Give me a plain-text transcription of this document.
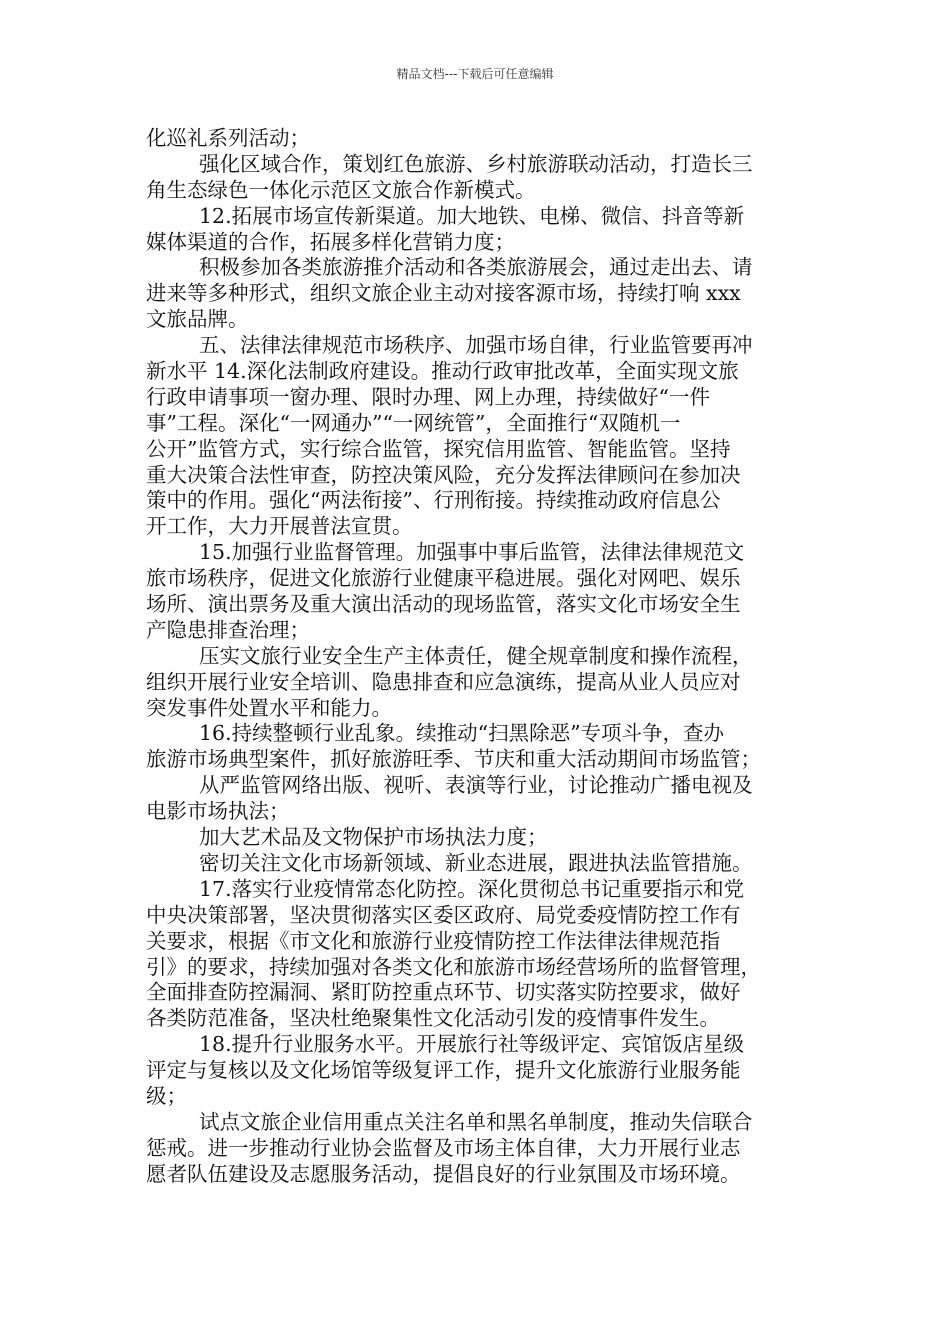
精品文档---下载后可任意编辑
化巡礼系列活动；
强化区域合作，策划红色旅游、乡村旅游联动活动，打造长三
角生态绿色一体化示范区文旅合作新模式。
12.拓展市场宣传新渠道。加大地铁、电梯、微信、抖音等新
媒体渠道的合作，拓展多样化营销力度；
积极参加各类旅游推介活动和各类旅游展会，通过走出去、请
进来等多种形式，组织文旅企业主动对接客源市场，持续打响 xxx
文旅品牌。
五、法律法律规范市场秩序、加强市场自律，行业监管要再冲
新水平 14.深化法制政府建设。推动行政审批改革，全面实现文旅
行政申请事项一窗办理、限时办理、网上办理，持续做好“一件
事”工程。深化“一网通办”“一网统管”，全面推行“双随机一
公开”监管方式，实行综合监管，探究信用监管、智能监管。坚持
重大决策合法性审查，防控决策风险，充分发挥法律顾问在参加决
策中的作用。强化“两法衔接”、行刑衔接。持续推动政府信息公
开工作，大力开展普法宣贯。
15.加强行业监督管理。加强事中事后监管，法律法律规范文
旅市场秩序，促进文化旅游行业健康平稳进展。强化对网吧、娱乐
场所、演出票务及重大演出活动的现场监管，落实文化市场安全生
产隐患排查治理；
压实文旅行业安全生产主体责任，健全规章制度和操作流程，
组织开展行业安全培训、隐患排查和应急演练，提高从业人员应对
突发事件处置水平和能力。
16.持续整顿行业乱象。续推动“扫黑除恶”专项斗争，查办
旅游市场典型案件，抓好旅游旺季、节庆和重大活动期间市场监管；
从严监管网络出版、视听、表演等行业，讨论推动广播电视及
电影市场执法；
加大艺术品及文物保护市场执法力度；
密切关注文化市场新领域、新业态进展，跟进执法监管措施。
17.落实行业疫情常态化防控。深化贯彻总书记重要指示和党
中央决策部署，坚决贯彻落实区委区政府、局党委疫情防控工作有
关要求，根据《市文化和旅游行业疫情防控工作法律法律规范指
引》的要求，持续加强对各类文化和旅游市场经营场所的监督管理，
全面排查防控漏洞、紧盯防控重点环节、切实落实防控要求，做好
各类防范准备，坚决杜绝聚集性文化活动引发的疫情事件发生。
18.提升行业服务水平。开展旅行社等级评定、宾馆饭店星级
评定与复核以及文化场馆等级复评工作，提升文化旅游行业服务能
级；
试点文旅企业信用重点关注名单和黑名单制度，推动失信联合
惩戒。进一步推动行业协会监督及市场主体自律，大力开展行业志
愿者队伍建设及志愿服务活动，提倡良好的行业氛围及市场环境。
